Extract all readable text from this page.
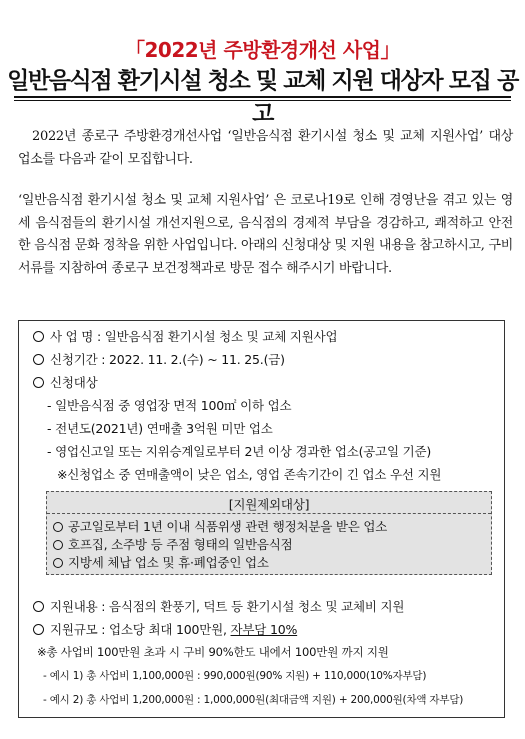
「2022년 주방환경개선 사업」
일반음식점 환기시설 청소 및 교체 지원 대상자 모집 공고
2022년 종로구 주방환경개선사업 ‘일반음식점 환기시설 청소 및 교체 지원사업’ 대상 업소를 다음과 같이 모집합니다.
‘일반음식점 환기시설 청소 및 교체 지원사업’ 은 코로나19로 인해 경영난을 겪고 있는 영세 음식점들의 환기시설 개선지원으로, 음식점의 경제적 부담을 경감하고, 쾌적하고 안전한 음식점 문화 정착을 위한 사업입니다. 아래의 신청대상 및 지원 내용을 참고하시고, 구비서류를 지참하여 종로구 보건정책과로 방문 접수 해주시기 바랍니다.
사 업 명 : 일반음식점 환기시설 청소 및 교체 지원사업
신청기간 : 2022. 11. 2.(수) ~ 11. 25.(금)
신청대상
- 일반음식점 중 영업장 면적 100㎡ 이하 업소
- 전년도(2021년) 연매출 3억원 미만 업소
- 영업신고일 또는 지위승계일로부터 2년 이상 경과한 업소(공고일 기준)
※신청업소 중 연매출액이 낮은 업소, 영업 존속기간이 긴 업소 우선 지원
[지원제외대상]
공고일로부터 1년 이내 식품위생 관련 행정처분을 받은 업소
호프집, 소주방 등 주점 형태의 일반음식점
지방세 체납 업소 및 휴·폐업중인 업소
지원내용 : 음식점의 환풍기, 덕트 등 환기시설 청소 및 교체비 지원
지원규모 : 업소당 최대 100만원, 자부담 10%
※총 사업비 100만원 초과 시 구비 90%한도 내에서 100만원 까지 지원
- 예시 1) 총 사업비 1,100,000원 : 990,000원(90% 지원) + 110,000(10%자부담)
- 예시 2) 총 사업비 1,200,000원 : 1,000,000원(최대금액 지원) + 200,000원(차액 자부담)
